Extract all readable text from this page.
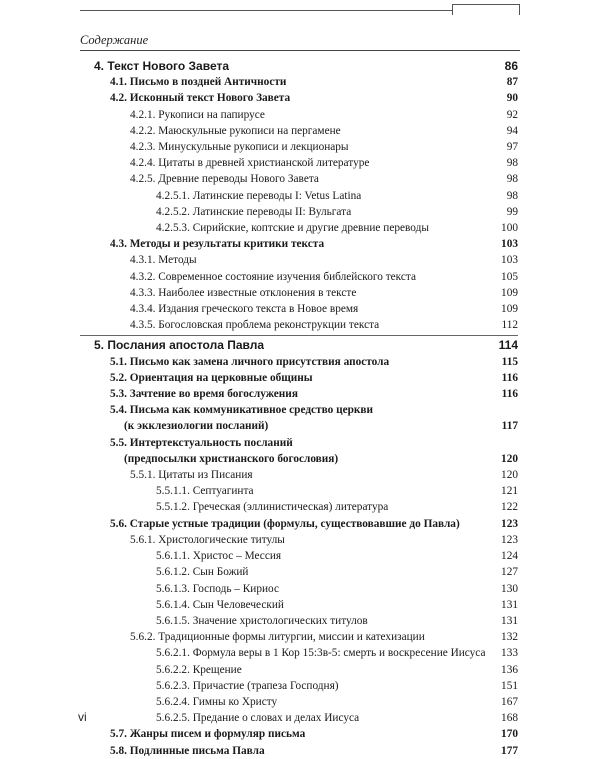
Содержание
4. Текст Нового Завета	86
4.1. Письмо в поздней Античности	87
4.2. Исконный текст Нового Завета	90
4.2.1. Рукописи на папирусе	92
4.2.2. Маюскульные рукописи на пергамене	94
4.2.3. Минускульные рукописи и лекционары	97
4.2.4. Цитаты в древней христианской литературе	98
4.2.5. Древние переводы Нового Завета	98
4.2.5.1. Латинские переводы I: Vetus Latina	98
4.2.5.2. Латинские переводы II: Вульгата	99
4.2.5.3. Сирийские, коптские и другие древние переводы	100
4.3. Методы и результаты критики текста	103
4.3.1. Методы	103
4.3.2. Современное состояние изучения библейского текста	105
4.3.3. Наиболее известные отклонения в тексте	109
4.3.4. Издания греческого текста в Новое время	109
4.3.5. Богословская проблема реконструкции текста	112
5. Послания апостола Павла	114
5.1. Письмо как замена личного присутствия апостола	115
5.2. Ориентация на церковные общины	116
5.3. Зачтение во время богослужения	116
5.4. Письма как коммуникативное средство церкви
(к экклезиологии посланий)	117
5.5. Интертекстуальность посланий
(предпосылки христианского богословия)	120
5.5.1. Цитаты из Писания	120
5.5.1.1. Септуагинта	121
5.5.1.2. Греческая (эллинистическая) литература	122
5.6. Старые устные традиции (формулы, существовавшие до Павла)	123
5.6.1. Христологические титулы	123
5.6.1.1. Христос – Мессия	124
5.6.1.2. Сын Божий	127
5.6.1.3. Господь – Кириос	130
5.6.1.4. Сын Человеческий	131
5.6.1.5. Значение христологических титулов	131
5.6.2. Традиционные формы литургии, миссии и катехизации	132
5.6.2.1. Формула веры в 1 Кор 15:3в-5: смерть и воскресение Иисуса	133
5.6.2.2. Крещение	136
5.6.2.3. Причастие (трапеза Господня)	151
5.6.2.4. Гимны ко Христу	167
5.6.2.5. Предание о словах и делах Иисуса	168
5.7. Жанры писем и формуляр письма	170
5.8. Подлинные письма Павла	177
vi
